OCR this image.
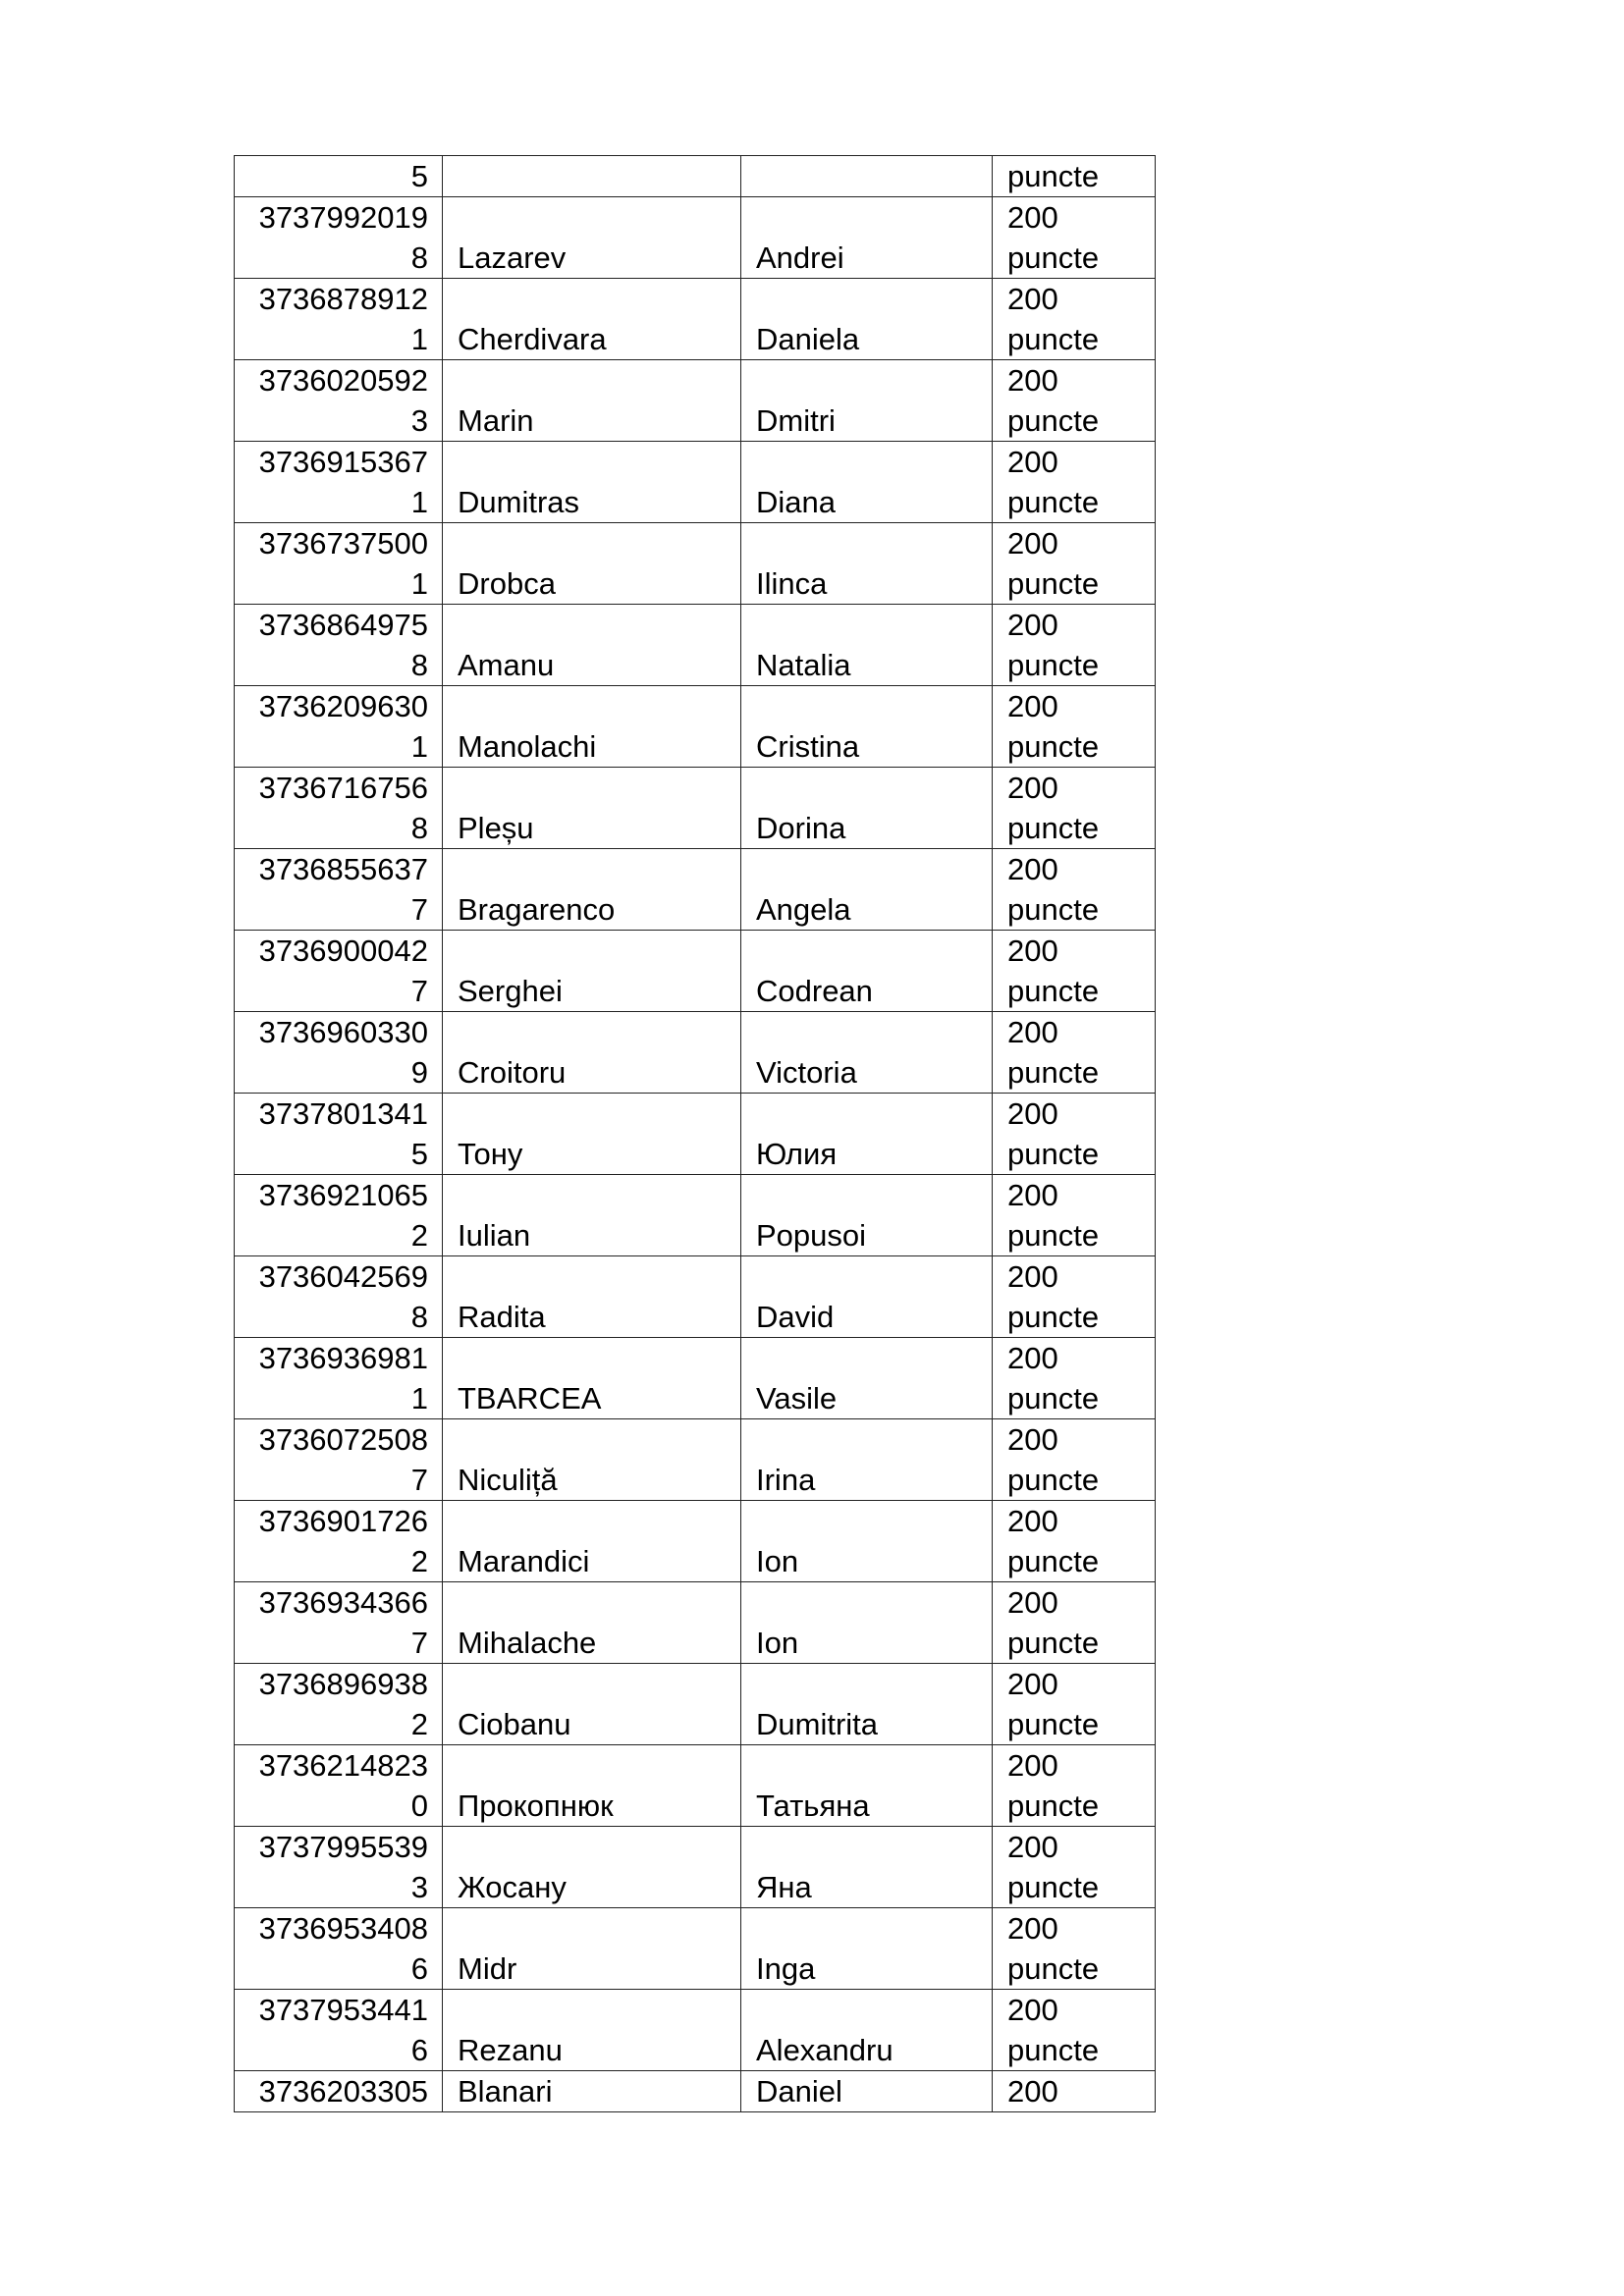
5			puncte

3737992019
8	Lazarev	Andrei	200
puncte

3736878912
1	Cherdivara	Daniela	200
puncte

3736020592
3	Marin	Dmitri	200
puncte

3736915367
1	Dumitras	Diana	200
puncte

3736737500
1	Drobca	Ilinca	200
puncte

3736864975
8	Amanu	Natalia	200
puncte

3736209630
1	Manolachi	Cristina	200
puncte

3736716756
8	Pleșu	Dorina	200
puncte

3736855637
7	Bragarenco	Angela	200
puncte

3736900042
7	Serghei	Codrean	200
puncte

3736960330
9	Croitoru	Victoria	200
puncte

3737801341
5	Тону	Юлия	200
puncte

3736921065
2	Iulian	Popusoi	200
puncte

3736042569
8	Radita	David	200
puncte

3736936981
1	TBARCEA	Vasile	200
puncte

3736072508
7	Niculiță	Irina	200
puncte

3736901726
2	Marandici	Ion	200
puncte

3736934366
7	Mihalache	Ion	200
puncte

3736896938
2	Ciobanu	Dumitrita	200
puncte

3736214823
0	Прокопнюк	Татьяна	200
puncte

3737995539
3	Жосану	Яна	200
puncte

3736953408
6	Midr	Inga	200
puncte

3737953441
6	Rezanu	Alexandru	200
puncte

3736203305	Blanari	Daniel	200
